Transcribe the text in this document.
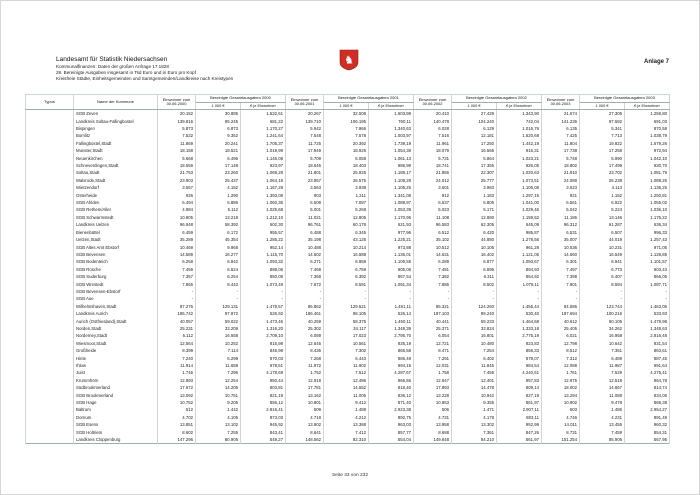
Landesamt für Statistik Niedersachsen
Kommunalfinanzen: Daten der großen Anfrage 17.1828
28. Bereinigte Ausgaben insgesamt in Tsd Euro und in Euro pro Kopf
Kreisfreie Städte, Einheitsgemeinden und Samtgemeinden/Landkreise nach Kreistypen
♞	Anlage 7
Typus	Name der Kommune	Einwohner zum 30.06.2000	Bereinigte Gesamtausgaben 2000		Einwohner zum 30.06.2001	Bereinigte Gesamtausgaben 2001		Einwohner zum 30.06.2002	Bereinigte Gesamtausgaben 2002		Einwohner zum 30.06.2003	Bereinigte Gesamtausgaben 2003	
			1 000 €	€ je Einwohner		1 000 €	€ je Einwohner		1 000 €	€ je Einwohner		1 000 €	€ je Einwohner
	SGB Zeven	20.152	30.885	1.532,61	20.267	32.508	1.603,99	20.410	27.429	1.343,90	21.674	27.305	1.259,80
	Landkreis Soltau-Fallingbostel	139.816	95.245	681,22	139.710	106.195	760,11	140.478	104.240	742,04	141.236	97.592	691,03
	Bispingen	5.873	6.873	1.170,27	5.942	7.966	1.340,63	6.028	6.129	1.016,76	6.135	5.341	870,58
	Bomlitz	7.532	9.352	1.241,64	7.548	7.578	1.003,97	7.516	12.181	1.620,68	7.425	7.713	1.038,79
	Fallingbostel,Stadt	11.869	20.241	1.705,37	11.725	20.392	1.739,19	11.961	17.250	1.442,19	11.804	19.822	1.679,26
	Munster,Stadt	18.158	18.521	1.019,99	17.949	18.925	1.054,38	18.079	16.566	916,31	17.738	17.258	972,94
	Neuenkirchen	5.668	6.496	1.146,08	5.709	6.058	1.061,13	5.731	5.864	1.023,21	5.748	5.990	1.042,10
	Schneverdingen,Stadt	18.559	17.148	923,97	18.645	18.403	986,99	18.741	17.355	926,05	18.802	17.499	930,70
	Soltau,Stadt	21.753	23.260	1.069,28	21.801	25.925	1.189,17	21.856	22.307	1.020,63	21.910	23.702	1.081,79
	Walsrode,Stadt	23.903	25.437	1.064,18	23.957	26.575	1.109,28	24.012	25.777	1.073,51	24.088	26.238	1.089,26
	Wietzendorf	3.557	4.152	1.167,28	3.563	3.938	1.105,25	3.601	3.983	1.106,08	3.623	4.113	1.135,25
	Osterheide	926	1.290	1.393,09	903	1.211	1.341,08	912	1.183	1.297,15	921	1.152	1.250,81
	SGB Ahlden	6.494	6.886	1.060,36	6.508	7.087	1.088,97	6.537	6.805	1.041,00	6.561	6.922	1.055,02
	SGB Rethem/Aller	4.984	5.112	1.025,68	5.001	5.268	1.053,39	5.023	5.171	1.029,46	5.042	5.224	1.036,10
	SGB Schwarmstedt	10.905	13.218	1.212,10	11.021	12.905	1.170,96	11.108	12.880	1.159,52	11.186	13.146	1.175,22
	Landkreis Uelzen	96.948	58.392	602,30	96.761	60.178	621,93	96.583	62.305	645,09	96.312	61.287	636,34
	Bienenbüttel	6.459	6.172	955,57	6.488	6.345	977,96	6.512	6.420	985,87	6.531	6.507	996,33
	Uelzen,Stadt	35.289	45.354	1.285,22	35.198	43.125	1.225,21	35.102	44.880	1.278,56	35.007	44.019	1.257,43
	SGB Altes Amt Ebstorf	10.469	9.968	952,14	10.488	10.214	973,88	10.512	10.105	961,28	10.536	10.231	971,05
	SGB Bevensen	14.589	16.277	1.115,70	14.602	16.588	1.136,01	14.631	16.402	1.121,05	14.660	16.549	1.128,85
	SGB Bodenteich	6.258	6.842	1.093,32	6.271	6.958	1.109,55	6.288	6.877	1.093,67	6.301	6.941	1.101,57
	SGB Rosche	7.459	6.624	888,06	7.468	6.759	905,06	7.481	6.695	894,93	7.497	6.773	903,43
	SGB Suderburg	7.357	6.254	850,08	7.368	6.392	867,54	7.382	6.311	854,92	7.398	6.407	866,05
	SGB Wrestedt	7.865	8.443	1.073,49	7.872	8.591	1.091,34	7.886	8.502	1.078,11	7.901	8.594	1.087,71
	SGB Bevensen-Ebstorf	-	-	-	-	-	-	-	-	-	-	-	-
	SGB Aue	-	-	-	-	-	-	-	-	-	-	-	-
	Wilhelmshaven,Stadt	87.276	129.131	1.479,57	86.862	129.521	1.491,11	85.321	124.260	1.456,44	84.586	123.744	1.463,06
	Landkreis Aurich	185.742	97.872	526,92	186.461	98.105	526,14	187.103	99.240	530,40	187.694	100.216	533,93
	Aurich (Ostfriesland),Stadt	40.057	59.022	1.473,46	40.259	58.375	1.450,11	40.441	59.233	1.464,68	40.612	60.105	1.479,98
	Norden,Stadt	25.231	33.209	1.316,20	25.302	34.117	1.348,39	25.371	33.824	1.333,18	25.405	34.262	1.348,63
	Norderney,Stadt	6.112	16.558	2.709,10	6.089	17.023	2.795,70	6.054	16.801	2.775,19	6.021	16.958	2.816,48
	Wiesmoor,Stadt	12.564	10.252	815,98	12.645	10.561	835,19	12.721	10.480	823,83	12.798	10.642	831,54
	Großheide	8.399	7.114	846,98	8.436	7.302	865,58	8.471	7.254	856,33	8.512	7.351	863,61
	Hinte	7.240	6.299	870,03	7.268	6.443	886,49	7.291	6.402	878,07	7.312	6.489	887,45
	Ihlow	11.914	11.658	978,51	11.972	11.902	994,15	12.031	11.845	984,54	12.088	11.987	991,64
	Juist	1.746	7.296	4.178,69	1.752	7.512	4.287,67	1.758	7.455	4.240,61	1.761	7.529	4.275,41
	Krummhörn	12.893	12.254	950,44	12.918	12.486	966,56	12.947	12.401	957,83	12.975	12.518	964,78
	Südbrookmerland	17.672	14.205	803,81	17.781	14.552	818,40	17.893	14.478	809,14	18.002	14.667	814,74
	SGB Brookmerland	13.092	10.751	821,19	13.162	11.005	836,12	13.228	10.942	827,19	13.294	11.088	834,06
	SGB Hage	10.752	9.205	856,12	10.801	9.412	871,40	10.853	9.355	861,97	10.902	9.478	869,38
	Baltrum	512	1.442	2.816,41	509	1.488	2.923,38	506	1.471	2.907,11	503	1.486	2.954,27
	Dornum	4.702	4.105	873,03	4.718	4.212	892,75	4.731	4.178	883,11	4.746	4.231	891,49
	SGB Esens	13.851	13.102	945,92	13.902	13.388	963,03	13.958	13.302	952,99	14.011	13.455	960,32
	SGB Holtriem	8.602	7.255	843,41	8.641	7.412	857,77	8.688	7.361	847,26	8.731	7.459	854,31
	Landkreis Cloppenburg	147.296	80.905	549,27	148.562	82.310	554,04	149.848	84.210	561,97	151.254	85.905	567,95
Seite 33 von 232
